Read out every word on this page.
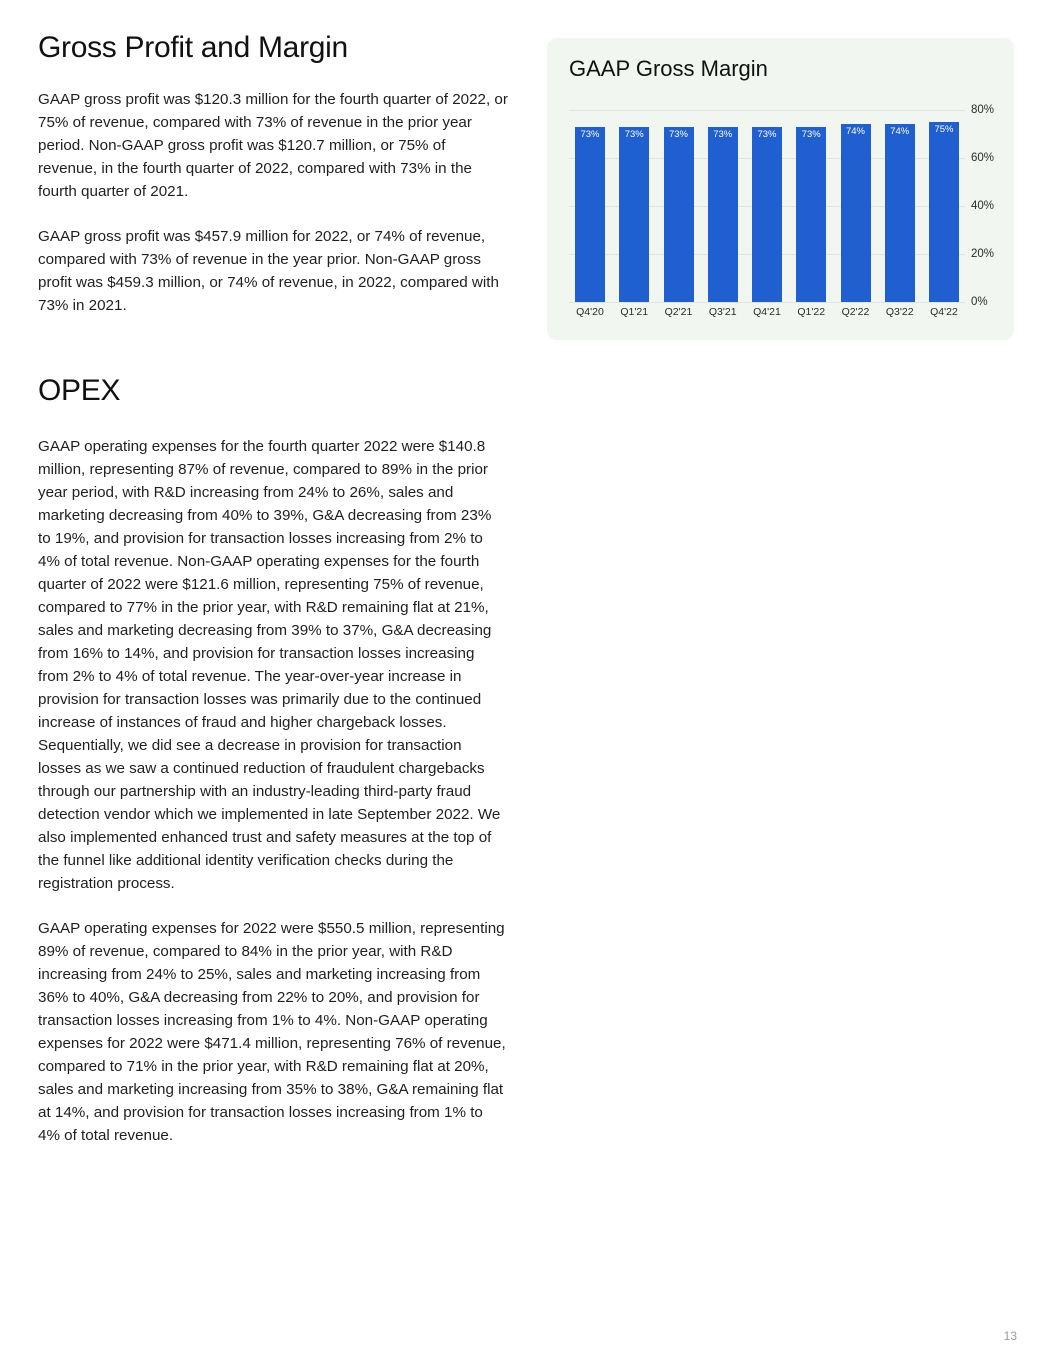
Gross Profit and Margin

GAAP gross profit was $120.3 million for the fourth quarter of 2022, or 75% of revenue, compared with 73% of revenue in the prior year period. Non-GAAP gross profit was $120.7 million, or 75% of revenue, in the fourth quarter of 2022, compared with 73% in the fourth quarter of 2021.

GAAP gross profit was $457.9 million for 2022, or 74% of revenue, compared with 73% of revenue in the year prior. Non-GAAP gross profit was $459.3 million, or 74% of revenue, in 2022, compared with 73% in 2021.

OPEX

GAAP operating expenses for the fourth quarter 2022 were $140.8 million, representing 87% of revenue, compared to 89% in the prior year period, with R&D increasing from 24% to 26%, sales and marketing decreasing from 40% to 39%, G&A decreasing from 23% to 19%, and provision for transaction losses increasing from 2% to 4% of total revenue. Non-GAAP operating expenses for the fourth quarter of 2022 were $121.6 million, representing 75% of revenue, compared to 77% in the prior year, with R&D remaining flat at 21%, sales and marketing decreasing from 39% to 37%, G&A decreasing from 16% to 14%, and provision for transaction losses increasing from 2% to 4% of total revenue. The year-over-year increase in provision for transaction losses was primarily due to the continued increase of instances of fraud and higher chargeback losses. Sequentially, we did see a decrease in provision for transaction losses as we saw a continued reduction of fraudulent chargebacks through our partnership with an industry-leading third-party fraud detection vendor which we implemented in late September 2022. We also implemented enhanced trust and safety measures at the top of the funnel like additional identity verification checks during the registration process.

GAAP operating expenses for 2022 were $550.5 million, representing 89% of revenue, compared to 84% in the prior year, with R&D increasing from 24% to 25%, sales and marketing increasing from 36% to 40%, G&A decreasing from 22% to 20%, and provision for transaction losses increasing from 1% to 4%. Non-GAAP operating expenses for 2022 were $471.4 million, representing 76% of revenue, compared to 71% in the prior year, with R&D remaining flat at 20%, sales and marketing increasing from 35% to 38%, G&A remaining flat at 14%, and provision for transaction losses increasing from 1% to 4% of total revenue.

GAAP Gross Margin
73%	73%	73%	73%	73%	73%	74%	74%	75%
0%
20%
40%
60%
80%
Q4'20 Q1'21 Q2'21 Q3'21 Q4'21 Q1'22 Q2'22 Q3'22 Q4'22
13
